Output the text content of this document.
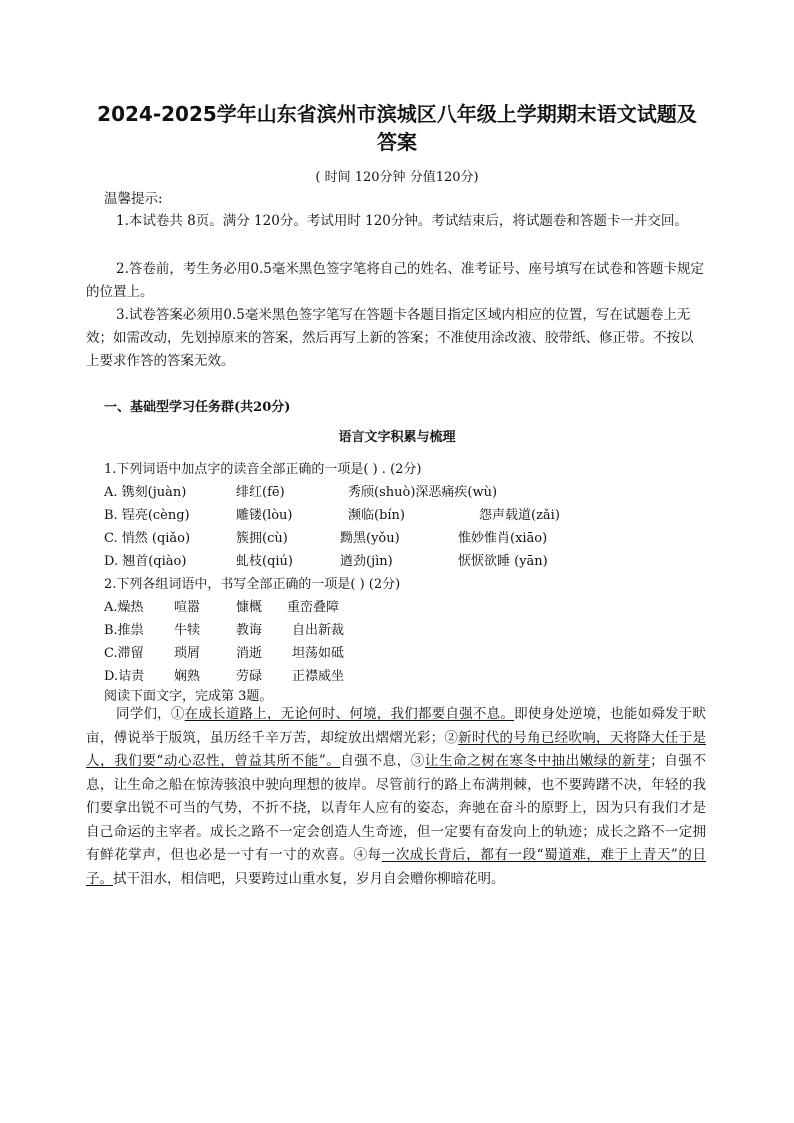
2024-2025学年山东省滨州市滨城区八年级上学期期末语文试题及
答案
( 时间 120分钟 分值120分)
温馨提示:
1.本试卷共 8页。满分 120分。考试用时 120分钟。考试结束后，将试题卷和答题卡一并交回。
2.答卷前，考生务必用0.5毫米黑色签字笔将自己的姓名、准考证号、座号填写在试卷和答题卡规定的位置上。
3.试卷答案必须用0.5毫米黑色签字笔写在答题卡各题目指定区域内相应的位置，写在试题卷上无效；如需改动，先划掉原来的答案，然后再写上新的答案；不准使用涂改液、胶带纸、修正带。不按以上要求作答的答案无效。
一、基础型学习任务群(共20分)
语言文字积累与梳理
1.下列词语中加点字的读音全部正确的一项是( ) . (2分)
A. 镌刻(juàn)	绯红(fē)	秀颀(shuò)深恶痛疾(wù)
B. 锃亮(cèng)	雕镂(lòu)	濒临(bín)	怨声载道(zǎi)
C. 悄然 (qiǎo)	簇拥(cù)	黝黑(yǒu)	惟妙惟肖(xiāo)
D. 翘首(qiào)	虬枝(qiú)	遒劲(jìn)	恹恹欲睡 (yān)
2.下列各组词语中，书写全部正确的一项是( ) (2分)
A.燥热 喧嚣	慷概 重峦叠障
B.推祟 牛犊	教诲 自出新裁
C.滞留 琐屑	消逝 坦荡如砥
D.诘责 娴熟	劳碌 正襟威坐
阅读下面文字，完成第 3题。
同学们，①在成长道路上，无论何时、何境，我们都要自强不息。即使身处逆境，也能如舜发于畎亩，傅说举于版筑，虽历经千辛万苦，却绽放出熠熠光彩；②新时代的号角已经吹响，天将降大任于是人，我们要“动心忍性，曾益其所不能”。自强不息，③让生命之树在寒冬中抽出嫩绿的新芽；自强不息，让生命之船在惊涛骇浪中驶向理想的彼岸。尽管前行的路上布满荆棘，也不要踌躇不决，年轻的我们要拿出锐不可当的气势，不折不挠，以青年人应有的姿态，奔驰在奋斗的原野上，因为只有我们才是自己命运的主宰者。成长之路不一定会创造人生奇迹，但一定要有奋发向上的轨迹；成长之路不一定拥有鲜花掌声，但也必是一寸有一寸的欢喜。④每一次成长背后，都有一段“蜀道难，难于上青天”的日子。拭干泪水，相信吧，只要跨过山重水复，岁月自会赠你柳暗花明。
